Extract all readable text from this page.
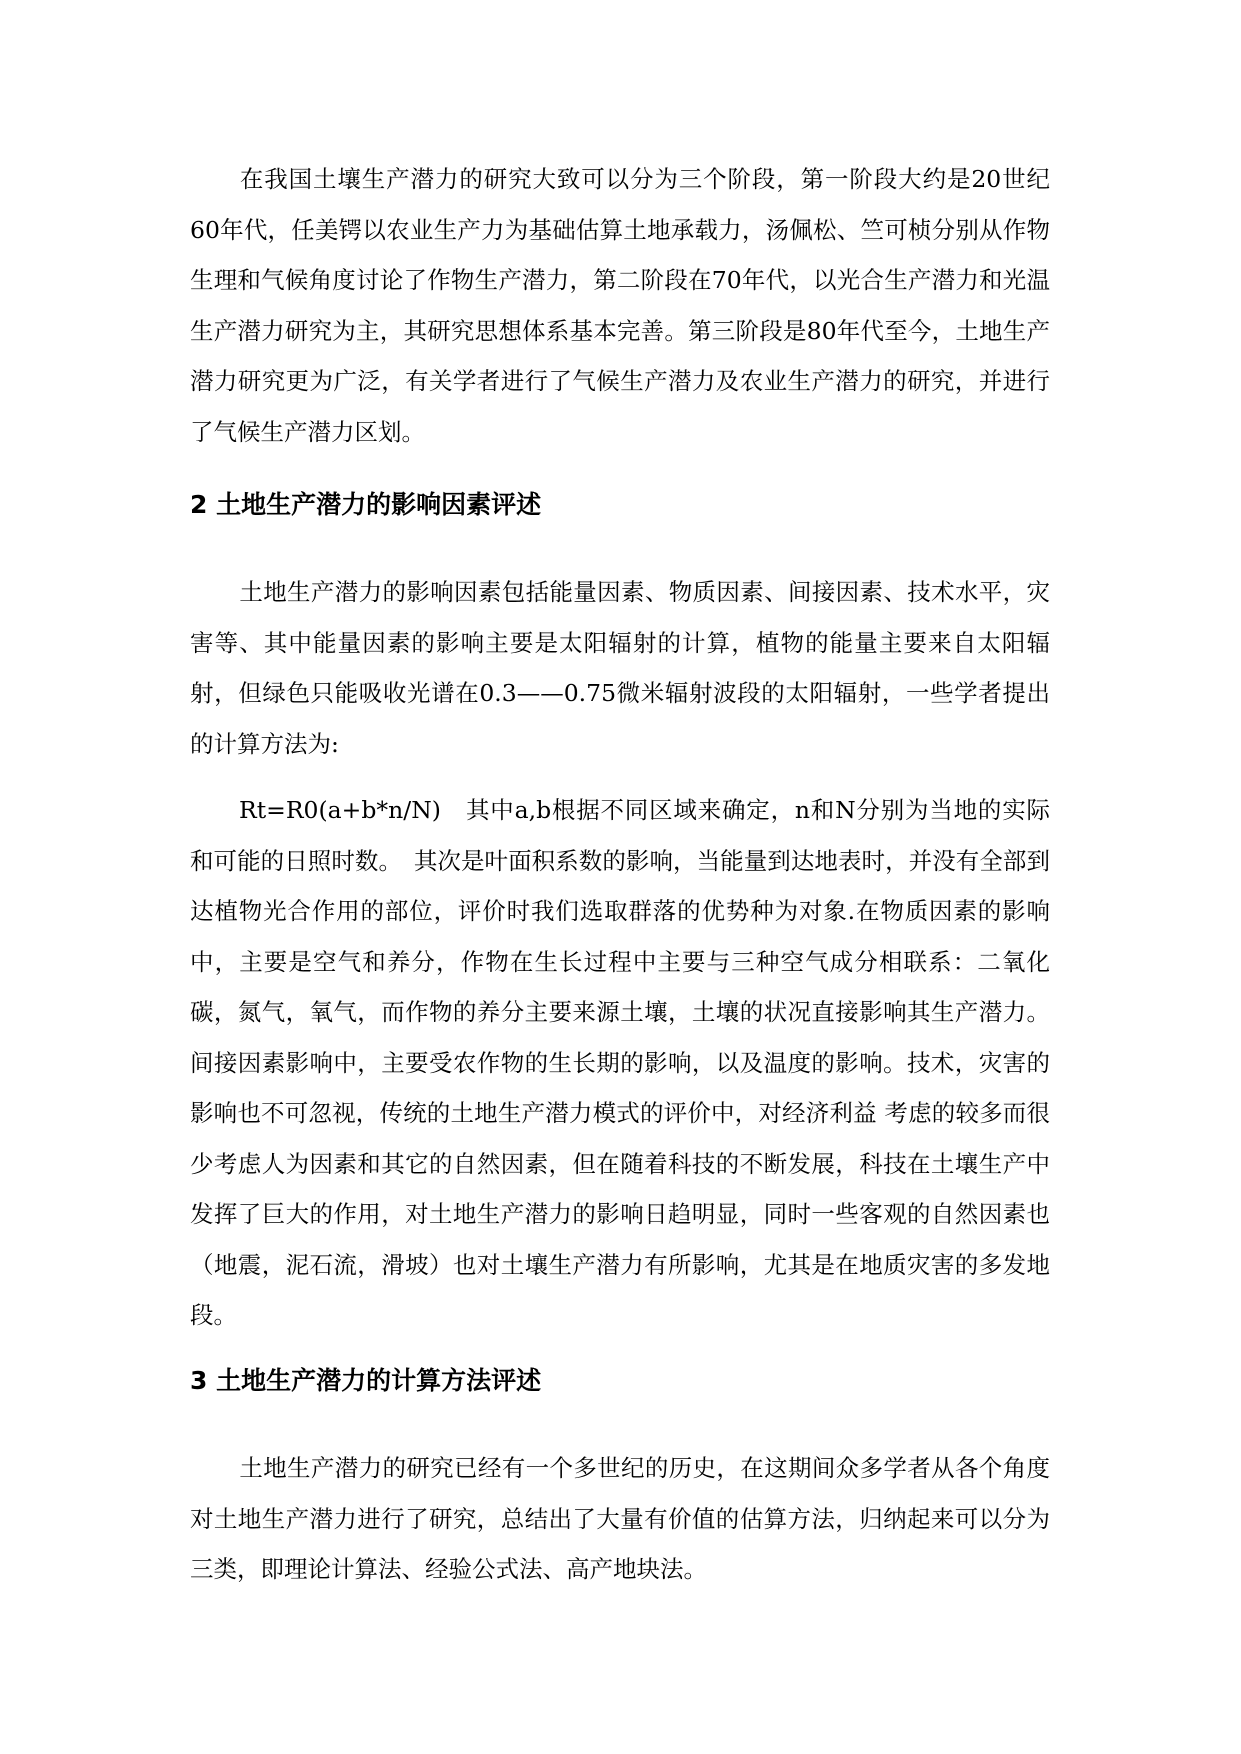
在我国土壤生产潜力的研究大致可以分为三个阶段，第一阶段大约是20世纪60年代，任美锷以农业生产力为基础估算土地承载力，汤佩松、竺可桢分别从作物生理和气候角度讨论了作物生产潜力，第二阶段在70年代，以光合生产潜力和光温生产潜力研究为主，其研究思想体系基本完善。第三阶段是80年代至今，土地生产潜力研究更为广泛，有关学者进行了气候生产潜力及农业生产潜力的研究，并进行了气候生产潜力区划。

2 土地生产潜力的影响因素评述

土地生产潜力的影响因素包括能量因素、物质因素、间接因素、技术水平，灾害等、其中能量因素的影响主要是太阳辐射的计算，植物的能量主要来自太阳辐射，但绿色只能吸收光谱在0.3——0.75微米辐射波段的太阳辐射，一些学者提出的计算方法为:

Rt=R0(a+b*n/N)　 其中a,b根据不同区域来确定，n和N分别为当地的实际和可能的日照时数。　其次是叶面积系数的影响，当能量到达地表时，并没有全部到达植物光合作用的部位，评价时我们选取群落的优势种为对象.在物质因素的影响中，主要是空气和养分，作物在生长过程中主要与三种空气成分相联系：二氧化碳，氮气，氧气，而作物的养分主要来源土壤，土壤的状况直接影响其生产潜力。间接因素影响中，主要受农作物的生长期的影响，以及温度的影响。技术，灾害的影响也不可忽视，传统的土地生产潜力模式的评价中，对经济利益 考虑的较多而很少考虑人为因素和其它的自然因素，但在随着科技的不断发展，科技在土壤生产中发挥了巨大的作用，对土地生产潜力的影响日趋明显，同时一些客观的自然因素也（地震，泥石流，滑坡）也对土壤生产潜力有所影响，尤其是在地质灾害的多发地段。

3 土地生产潜力的计算方法评述

土地生产潜力的研究已经有一个多世纪的历史，在这期间众多学者从各个角度对土地生产潜力进行了研究，总结出了大量有价值的估算方法，归纳起来可以分为三类，即理论计算法、经验公式法、高产地块法。
